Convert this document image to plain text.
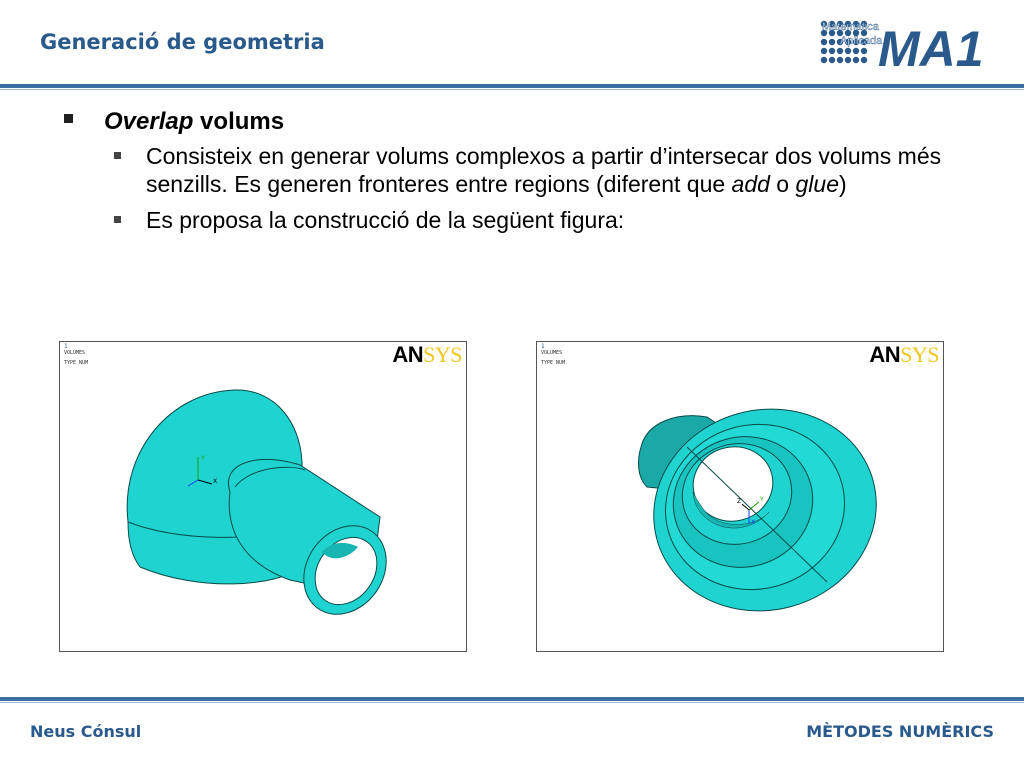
Generació de geometria
Matemàtica
Aplicada
MA1
Overlap volums
Consisteix en generar volums complexos a partir d’intersecar dos volums més senzills. Es generen fronteres entre regions (diferent que add o glue)
Es proposa la construcció de la següent figura:
1
VOLUMES
TYPE NUM	ANSYS
Y
X
1
VOLUMES
TYPE NUM	ANSYS
Y
Z
X
Neus Cónsul	MÈTODES NUMÈRICS
